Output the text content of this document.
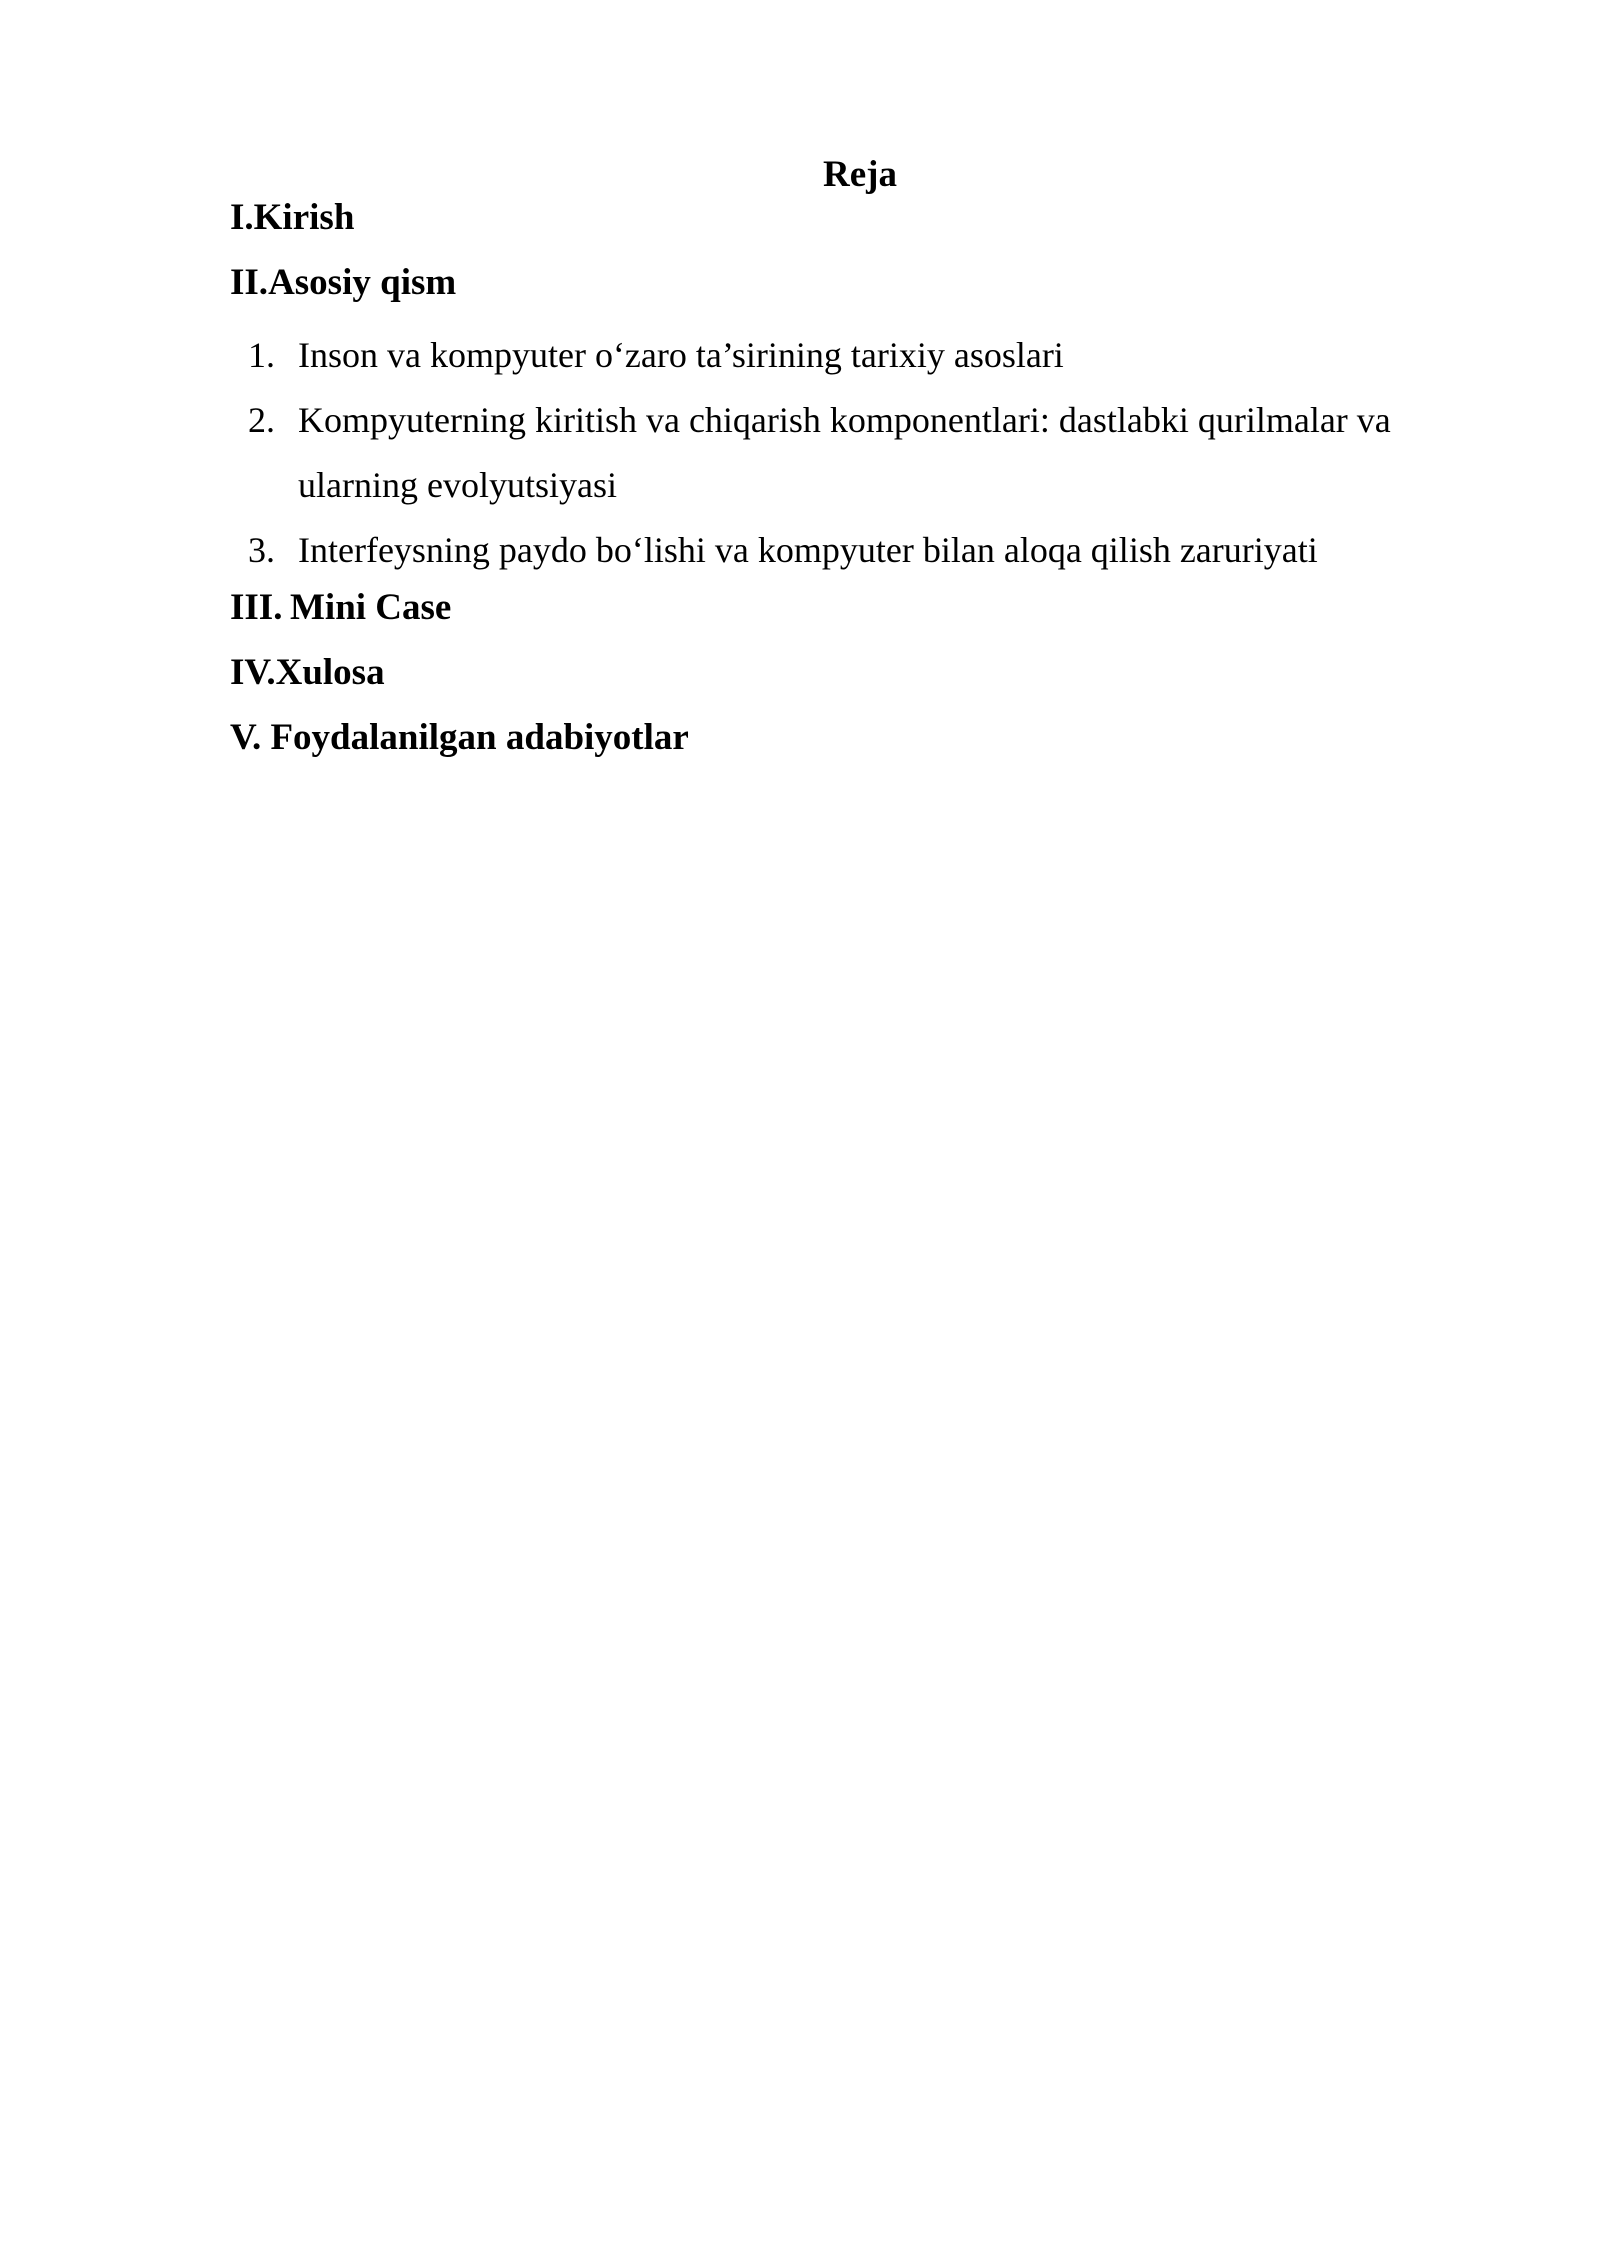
Reja
I.Kirish
II.Asosiy qism
1. Inson va kompyuter o‘zaro ta’sirining tarixiy asoslari
2. Kompyuterning kiritish va chiqarish komponentlari: dastlabki qurilmalar va ularning evolyutsiyasi
3. Interfeysning paydo bo‘lishi va kompyuter bilan aloqa qilish zaruriyati
III. Mini Case
IV.Xulosa
V. Foydalanilgan adabiyotlar
